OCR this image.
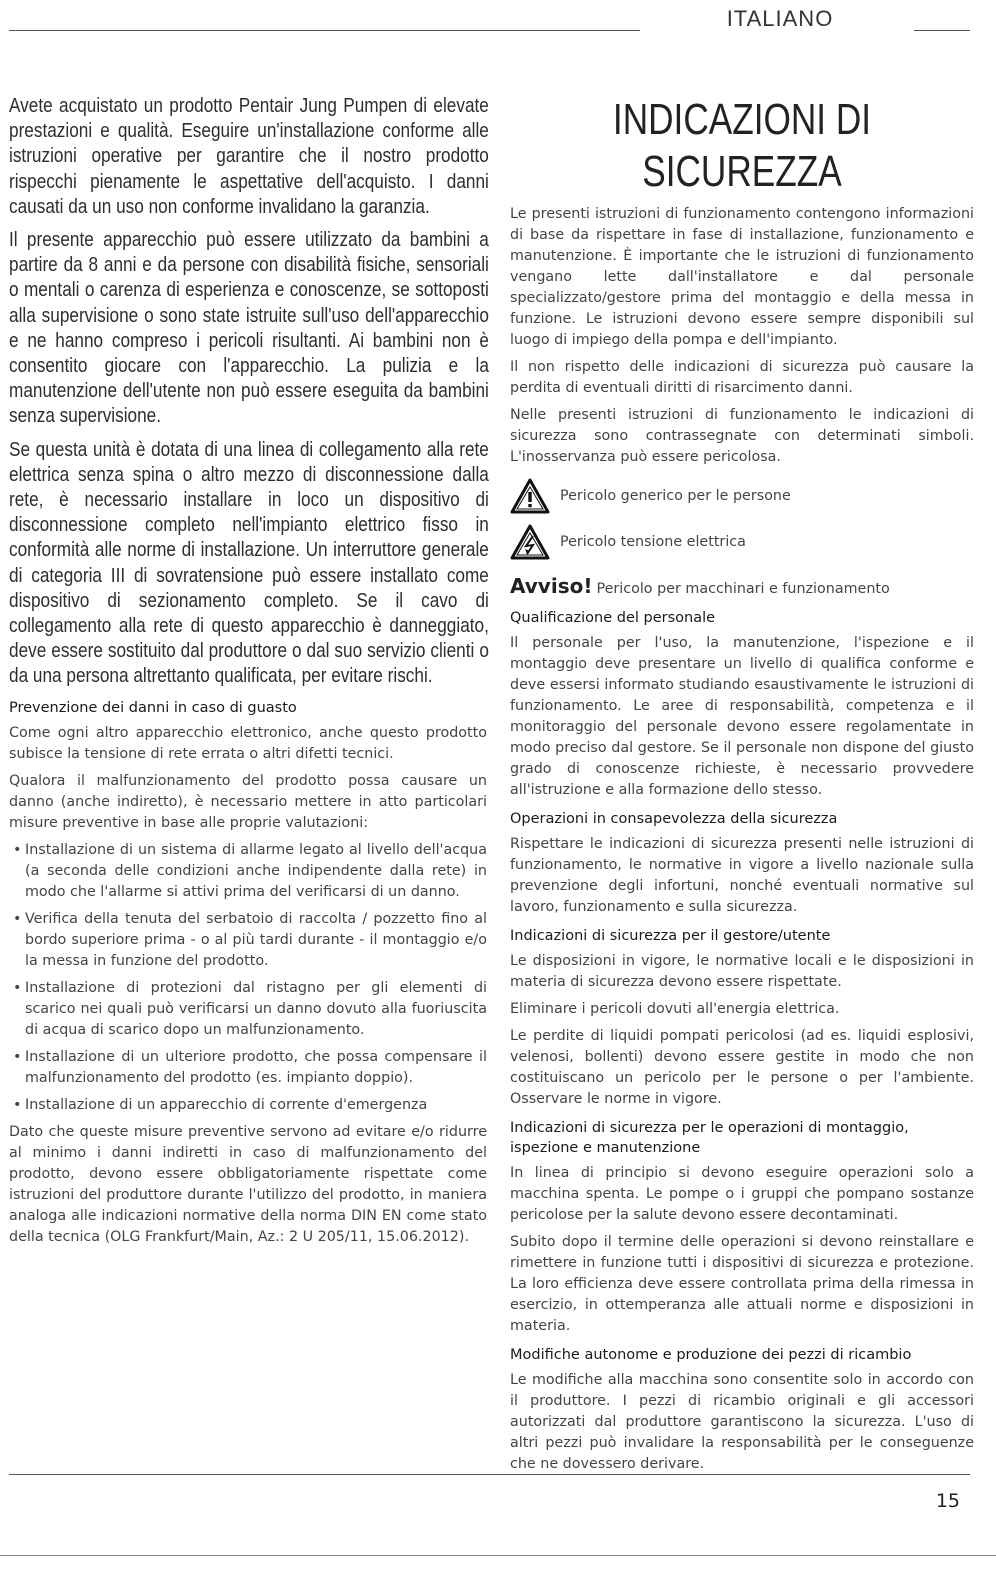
ITALIANO

Avete acquistato un prodotto Pentair Jung Pumpen di elevate prestazioni e qualità. Eseguire un'installazione conforme alle istruzioni operative per garantire che il nostro prodotto rispecchi pienamente le aspettative dell'acquisto. I danni causati da un uso non conforme invalidano la garanzia.

Il presente apparecchio può essere utilizzato da bambini a partire da 8 anni e da persone con disabilità fisiche, sensoriali o mentali o carenza di esperienza e conoscenze, se sottoposti alla supervisione o sono state istruite sull'uso dell'apparecchio e ne hanno compreso i pericoli risultanti. Ai bambini non è consentito giocare con l'apparecchio. La pulizia e la manutenzione dell'utente non può essere eseguita da bambini senza supervisione.

Se questa unità è dotata di una linea di collegamento alla rete elettrica senza spina o altro mezzo di disconnessione dalla rete, è necessario installare in loco un dispositivo di disconnessione completo nell'impianto elettrico fisso in conformità alle norme di installazione. Un interruttore generale di categoria III di sovratensione può essere installato come dispositivo di sezionamento completo. Se il cavo di collegamento alla rete di questo apparecchio è danneggiato, deve essere sostituito dal produttore o dal suo servizio clienti o da una persona altrettanto qualificata, per evitare rischi.

Prevenzione dei danni in caso di guasto

Come ogni altro apparecchio elettronico, anche questo prodotto subisce la tensione di rete errata o altri difetti tecnici.

Qualora il malfunzionamento del prodotto possa causare un danno (anche indiretto), è necessario mettere in atto particolari misure preventive in base alle proprie valutazioni:

• Installazione di un sistema di allarme legato al livello dell'acqua (a seconda delle condizioni anche indipendente dalla rete) in modo che l'allarme si attivi prima del verificarsi di un danno.
• Verifica della tenuta del serbatoio di raccolta / pozzetto fino al bordo superiore prima - o al più tardi durante - il montaggio e/o la messa in funzione del prodotto.
• Installazione di protezioni dal ristagno per gli elementi di scarico nei quali può verificarsi un danno dovuto alla fuoriuscita di acqua di scarico dopo un malfunzionamento.
• Installazione di un ulteriore prodotto, che possa compensare il malfunzionamento del prodotto (es. impianto doppio).
• Installazione di un apparecchio di corrente d'emergenza

Dato che queste misure preventive servono ad evitare e/o ridurre al minimo i danni indiretti in caso di malfunzionamento del prodotto, devono essere obbligatoriamente rispettate come istruzioni del produttore durante l'utilizzo del prodotto, in maniera analoga alle indicazioni normative della norma DIN EN come stato della tecnica (OLG Frankfurt/Main, Az.: 2 U 205/11, 15.06.2012).

INDICAZIONI DI SICUREZZA

Le presenti istruzioni di funzionamento contengono informazioni di base da rispettare in fase di installazione, funzionamento e manutenzione. È importante che le istruzioni di funzionamento vengano lette dall'installatore e dal personale specializzato/gestore prima del montaggio e della messa in funzione. Le istruzioni devono essere sempre disponibili sul luogo di impiego della pompa e dell'impianto.

Il non rispetto delle indicazioni di sicurezza può causare la perdita di eventuali diritti di risarcimento danni.

Nelle presenti istruzioni di funzionamento le indicazioni di sicurezza sono contrassegnate con determinati simboli. L'inosservanza può essere pericolosa.

Pericolo generico per le persone
Pericolo tensione elettrica
Avviso! Pericolo per macchinari e funzionamento
Qualificazione del personale

Il personale per l'uso, la manutenzione, l'ispezione e il montaggio deve presentare un livello di qualifica conforme e deve essersi informato studiando esaustivamente le istruzioni di funzionamento. Le aree di responsabilità, competenza e il monitoraggio del personale devono essere regolamentate in modo preciso dal gestore. Se il personale non dispone del giusto grado di conoscenze richieste, è necessario provvedere all'istruzione e alla formazione dello stesso.

Operazioni in consapevolezza della sicurezza

Rispettare le indicazioni di sicurezza presenti nelle istruzioni di funzionamento, le normative in vigore a livello nazionale sulla prevenzione degli infortuni, nonché eventuali normative sul lavoro, funzionamento e sulla sicurezza.

Indicazioni di sicurezza per il gestore/utente

Le disposizioni in vigore, le normative locali e le disposizioni in materia di sicurezza devono essere rispettate.

Eliminare i pericoli dovuti all'energia elettrica.

Le perdite di liquidi pompati pericolosi (ad es. liquidi esplosivi, velenosi, bollenti) devono essere gestite in modo che non costituiscano un pericolo per le persone o per l'ambiente. Osservare le norme in vigore.

Indicazioni di sicurezza per le operazioni di montaggio, ispezione e manutenzione

In linea di principio si devono eseguire operazioni solo a macchina spenta. Le pompe o i gruppi che pompano sostanze pericolose per la salute devono essere decontaminati.

Subito dopo il termine delle operazioni si devono reinstallare e rimettere in funzione tutti i dispositivi di sicurezza e protezione. La loro efficienza deve essere controllata prima della rimessa in esercizio, in ottemperanza alle attuali norme e disposizioni in materia.

Modifiche autonome e produzione dei pezzi di ricambio

Le modifiche alla macchina sono consentite solo in accordo con il produttore. I pezzi di ricambio originali e gli accessori autorizzati dal produttore garantiscono la sicurezza. L'uso di altri pezzi può invalidare la responsabilità per le conseguenze che ne dovessero derivare.

15
